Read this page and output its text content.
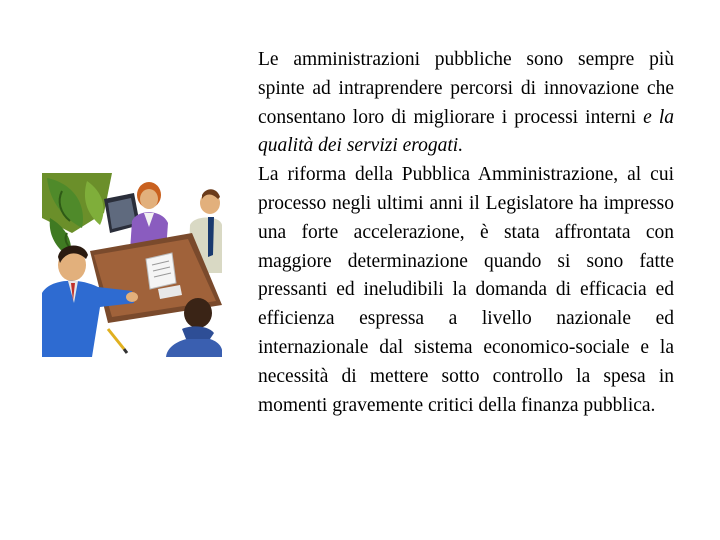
Le amministrazioni pubbliche sono sempre più spinte ad intraprendere percorsi di innovazione che consentano loro di migliorare i processi interni e la qualità dei servizi erogati.

La riforma della Pubblica Amministrazione, al cui processo negli ultimi anni il Legislatore ha impresso una forte accelerazione, è stata affrontata con maggiore determinazione quando si sono fatte pressanti ed ineludibili la domanda di efficacia ed efficienza espressa a livello nazionale ed internazionale dal sistema economico-sociale e la necessità di mettere sotto controllo la spesa in momenti gravemente critici della finanza pubblica.
